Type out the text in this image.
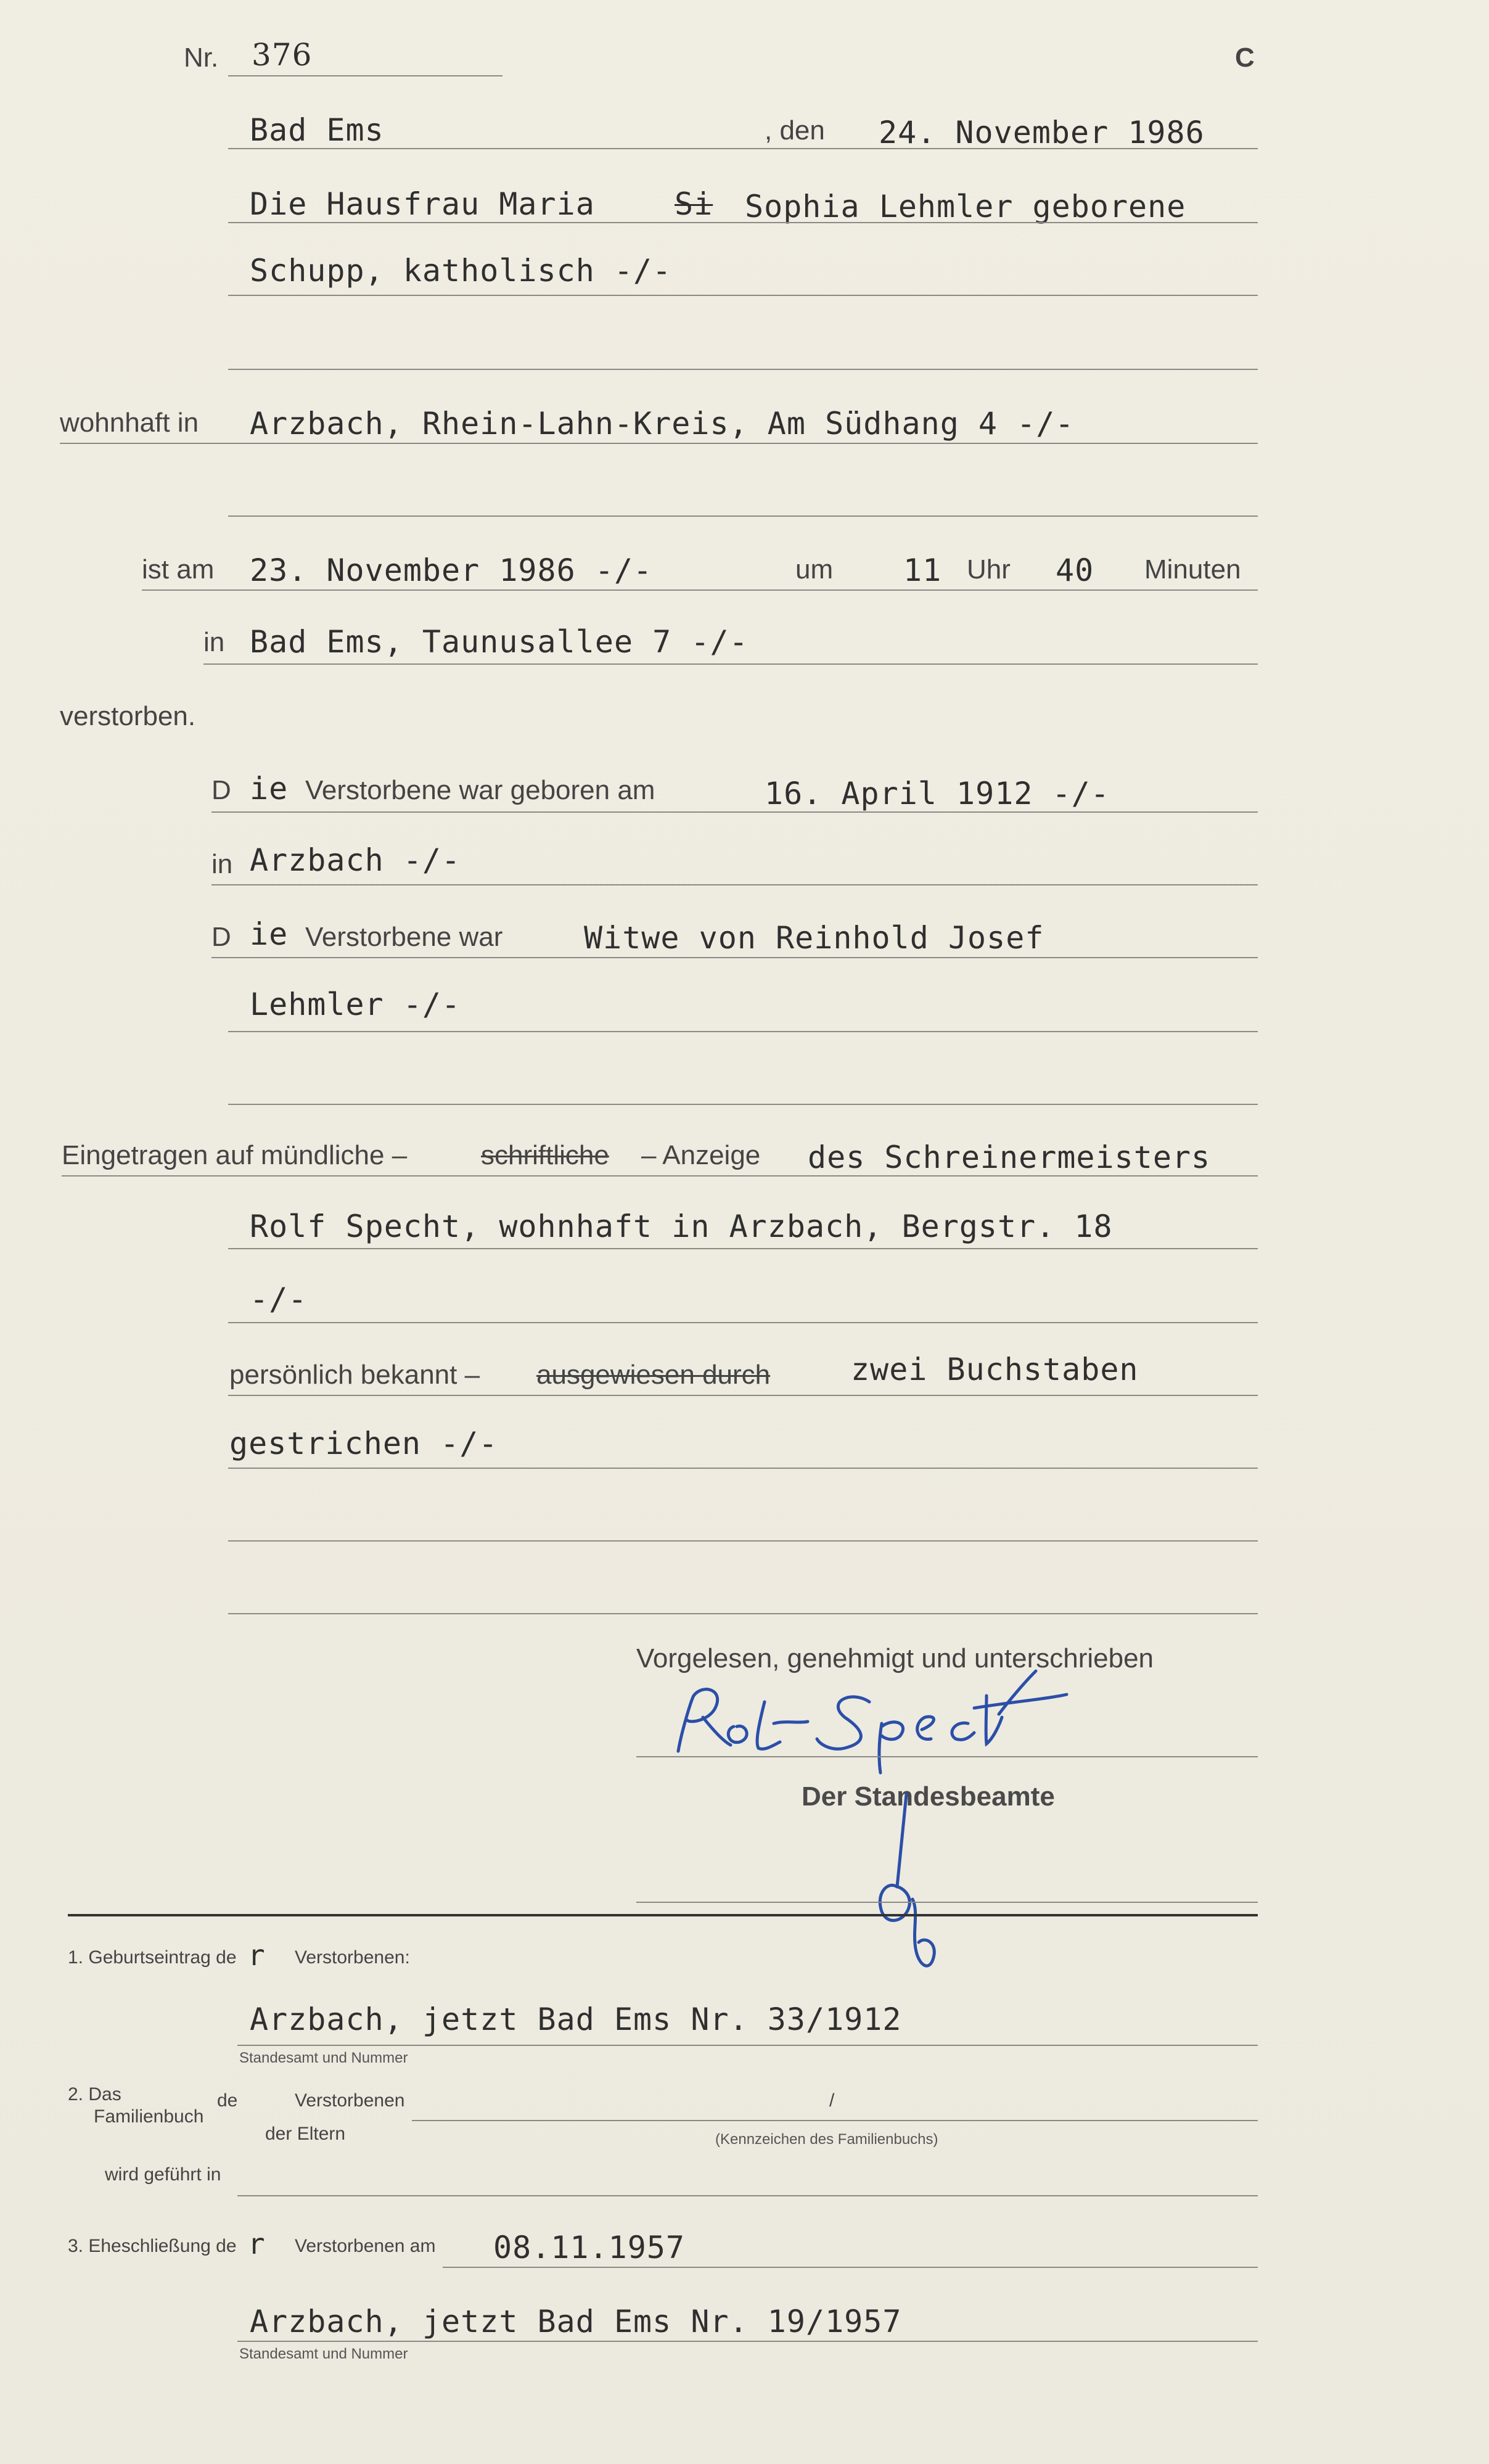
Nr. 376	C
Bad Ems	, den 24. November 1986
Die Hausfrau Maria	Si Sophia Lehmler geborene
Schupp, katholisch -/-
wohnhaft in Arzbach, Rhein-Lahn-Kreis, Am Südhang 4 -/-
ist am 23. November 1986 -/-	um 11 Uhr 40 Minuten
in Bad Ems, Taunusallee 7 -/-
verstorben.
D ie Verstorbene war geboren am	16. April 1912 -/-
in Arzbach -/-
D ie Verstorbene war	Witwe von Reinhold Josef
Lehmler -/-
Eingetragen auf mündliche –	schriftliche – Anzeige des Schreinermeisters
Rolf Specht, wohnhaft in Arzbach, Bergstr. 18
-/-
persönlich bekannt – ausgewiesen durch	zwei Buchstaben
gestrichen -/-
Vorgelesen, genehmigt und unterschrieben
Der Standesbeamte
1. Geburtseintrag de r Verstorbenen:
Arzbach, jetzt Bad Ems Nr. 33/1912
Standesamt und Nummer
2. Das
Familienbuch
de	Verstorbenen	/
der Eltern	(Kennzeichen des Familienbuchs)
wird geführt in
3. Eheschließung de r Verstorbenen am 08.11.1957
Arzbach, jetzt Bad Ems Nr. 19/1957
Standesamt und Nummer
